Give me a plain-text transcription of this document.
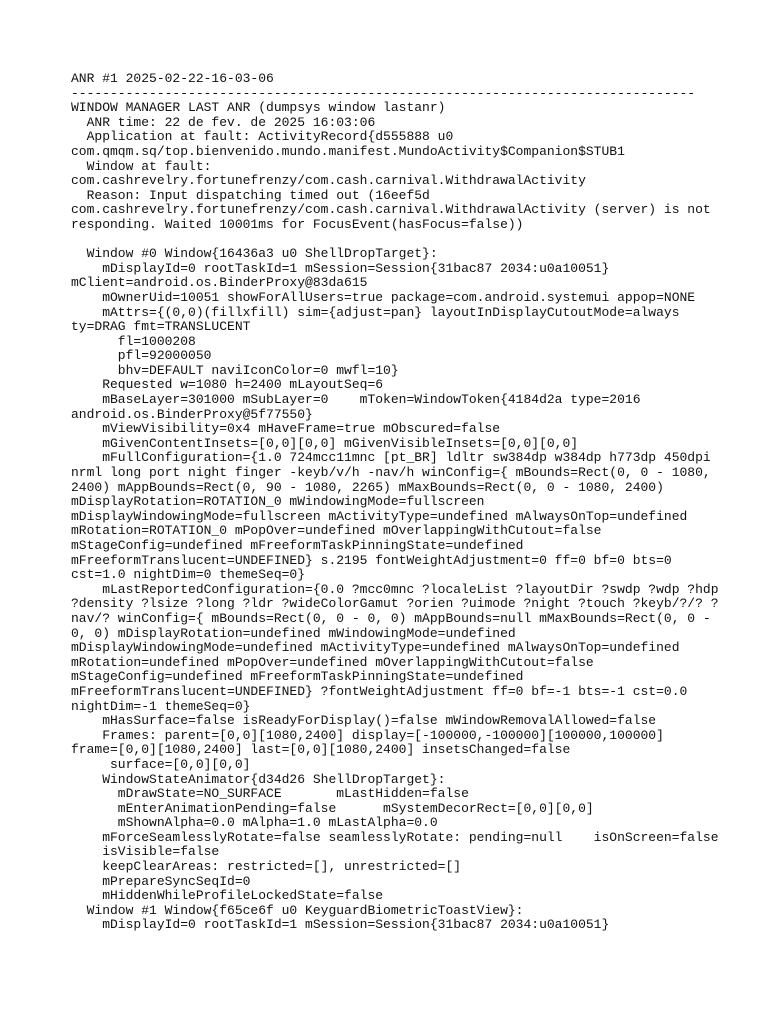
ANR #1 2025-02-22-16-03-06
--------------------------------------------------------------------------------
WINDOW MANAGER LAST ANR (dumpsys window lastanr)
ANR time: 22 de fev. de 2025 16:03:06
Application at fault: ActivityRecord{d555888 u0
com.qmqm.sq/top.bienvenido.mundo.manifest.MundoActivity$Companion$STUB1
Window at fault:
com.cashrevelry.fortunefrenzy/com.cash.carnival.WithdrawalActivity
Reason: Input dispatching timed out (16eef5d
com.cashrevelry.fortunefrenzy/com.cash.carnival.WithdrawalActivity (server) is not
responding. Waited 10001ms for FocusEvent(hasFocus=false))
Window #0 Window{16436a3 u0 ShellDropTarget}:
mDisplayId=0 rootTaskId=1 mSession=Session{31bac87 2034:u0a10051}
mClient=android.os.BinderProxy@83da615
mOwnerUid=10051 showForAllUsers=true package=com.android.systemui appop=NONE
mAttrs={(0,0)(fillxfill) sim={adjust=pan} layoutInDisplayCutoutMode=always
ty=DRAG fmt=TRANSLUCENT
fl=1000208
pfl=92000050
bhv=DEFAULT naviIconColor=0 mwfl=10}
Requested w=1080 h=2400 mLayoutSeq=6
mBaseLayer=301000 mSubLayer=0    mToken=WindowToken{4184d2a type=2016
android.os.BinderProxy@5f77550}
mViewVisibility=0x4 mHaveFrame=true mObscured=false
mGivenContentInsets=[0,0][0,0] mGivenVisibleInsets=[0,0][0,0]
mFullConfiguration={1.0 724mcc11mnc [pt_BR] ldltr sw384dp w384dp h773dp 450dpi
nrml long port night finger -keyb/v/h -nav/h winConfig={ mBounds=Rect(0, 0 - 1080,
2400) mAppBounds=Rect(0, 90 - 1080, 2265) mMaxBounds=Rect(0, 0 - 1080, 2400)
mDisplayRotation=ROTATION_0 mWindowingMode=fullscreen
mDisplayWindowingMode=fullscreen mActivityType=undefined mAlwaysOnTop=undefined
mRotation=ROTATION_0 mPopOver=undefined mOverlappingWithCutout=false
mStageConfig=undefined mFreeformTaskPinningState=undefined
mFreeformTranslucent=UNDEFINED} s.2195 fontWeightAdjustment=0 ff=0 bf=0 bts=0
cst=1.0 nightDim=0 themeSeq=0}
mLastReportedConfiguration={0.0 ?mcc0mnc ?localeList ?layoutDir ?swdp ?wdp ?hdp
?density ?lsize ?long ?ldr ?wideColorGamut ?orien ?uimode ?night ?touch ?keyb/?/? ?
nav/? winConfig={ mBounds=Rect(0, 0 - 0, 0) mAppBounds=null mMaxBounds=Rect(0, 0 -
0, 0) mDisplayRotation=undefined mWindowingMode=undefined
mDisplayWindowingMode=undefined mActivityType=undefined mAlwaysOnTop=undefined
mRotation=undefined mPopOver=undefined mOverlappingWithCutout=false
mStageConfig=undefined mFreeformTaskPinningState=undefined
mFreeformTranslucent=UNDEFINED} ?fontWeightAdjustment ff=0 bf=-1 bts=-1 cst=0.0
nightDim=-1 themeSeq=0}
mHasSurface=false isReadyForDisplay()=false mWindowRemovalAllowed=false
Frames: parent=[0,0][1080,2400] display=[-100000,-100000][100000,100000]
frame=[0,0][1080,2400] last=[0,0][1080,2400] insetsChanged=false
surface=[0,0][0,0]
WindowStateAnimator{d34d26 ShellDropTarget}:
mDrawState=NO_SURFACE       mLastHidden=false
mEnterAnimationPending=false      mSystemDecorRect=[0,0][0,0]
mShownAlpha=0.0 mAlpha=1.0 mLastAlpha=0.0
mForceSeamlesslyRotate=false seamlesslyRotate: pending=null    isOnScreen=false
isVisible=false
keepClearAreas: restricted=[], unrestricted=[]
mPrepareSyncSeqId=0
mHiddenWhileProfileLockedState=false
Window #1 Window{f65ce6f u0 KeyguardBiometricToastView}:
mDisplayId=0 rootTaskId=1 mSession=Session{31bac87 2034:u0a10051}
